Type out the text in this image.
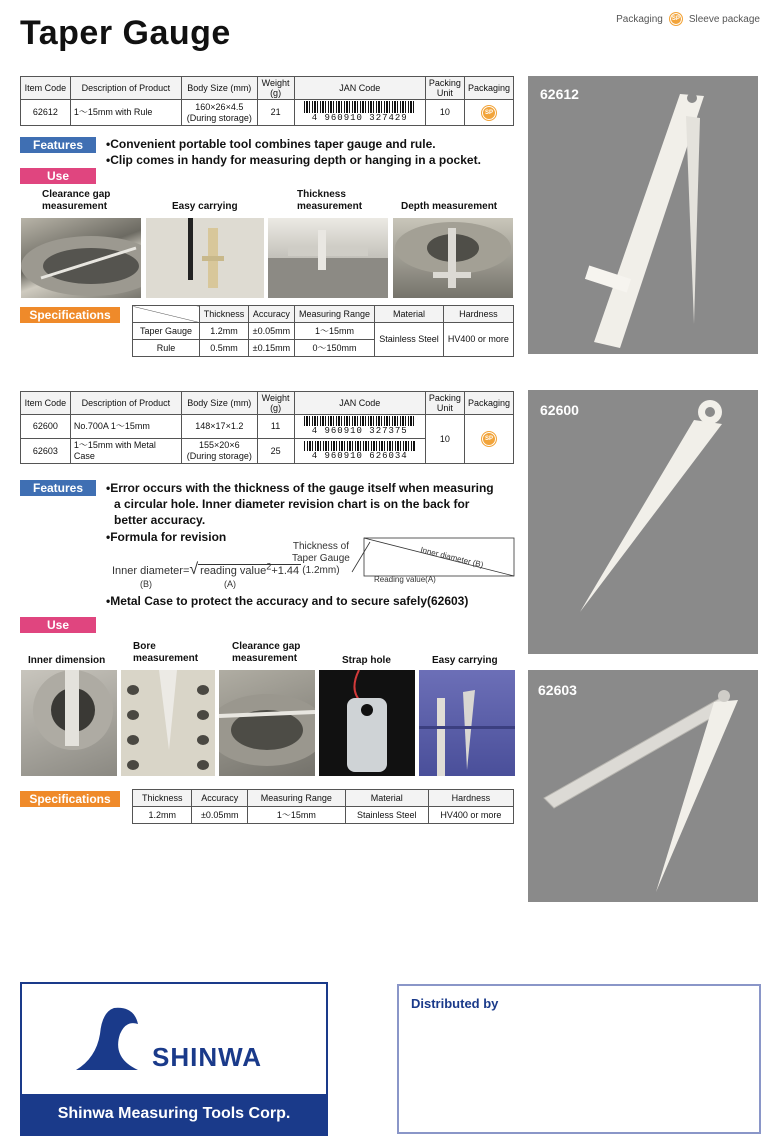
Taper Gauge	Packaging	SP Sleeve package
Item Code	Description of Product	Body Size (mm)	Weight (g)	JAN Code	Packing Unit	Packaging
62612	1～15mm with Rule	160×26×4.5 (During storage)	21	4 960910 327429	10	SP
Features	•Convenient portable tool combines taper gauge and rule.
•Clip comes in handy for measuring depth or hanging in a pocket.
Use
Clearance gap measurement	Easy carrying
Thickness measurement	Depth measurement
Specifications
		Thickness	Accuracy	Measuring Range	Material	Hardness
Taper Gauge	1.2mm	±0.05mm	1～15mm	Stainless Steel	HV400 or more
Rule	0.5mm	±0.15mm	0～150mm		
62612
Item Code	Description of Product	Body Size (mm)	Weight (g)	JAN Code	Packing Unit	Packaging
62600	No.700A 1～15mm	148×17×1.2	11	4 960910 327375	10	SP
62603	1～15mm with Metal Case	155×20×6 (During storage)	25	4 960910 626034		
Features	•Error occurs with the thickness of the gauge itself when measuring
a circular hole. Inner diameter revision chart is on the back for
better accuracy.
•Formula for revision
Inner diameter=√ reading value$^2$+1.44
(B)	(A)
Thickness of
Taper Gauge
(1.2mm)
Inner diameter (B)
Reading value(A)
•Metal Case to protect the accuracy and to secure safely(62603)
Use
Inner dimension
Bore measurement
Clearance gap measurement	Strap hole	Easy carrying
Specifications	Thickness	Accuracy	Measuring Range	Material	Hardness
1.2mm	±0.05mm	1～15mm	Stainless Steel	HV400 or more
62600
62603
SHINWA
Shinwa Measuring Tools Corp.
Distributed by
